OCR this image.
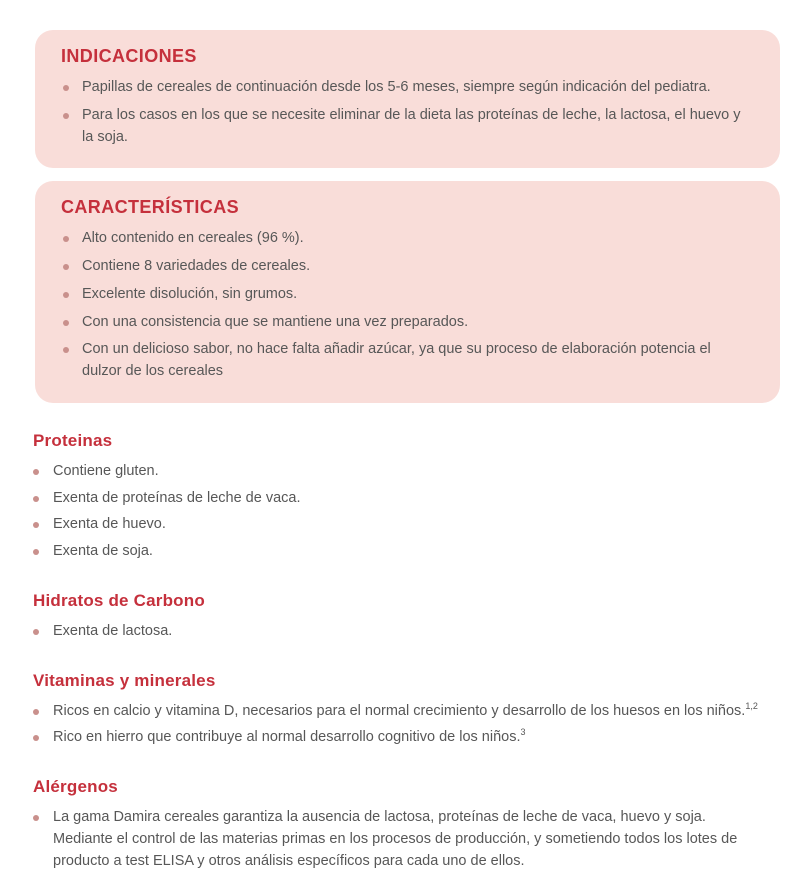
INDICACIONES
Papillas de cereales de continuación desde los 5-6 meses, siempre según indicación del pediatra.
Para los casos en los que se necesite eliminar de la dieta las proteínas de leche, la lactosa, el huevo y la soja.
CARACTERÍSTICAS
Alto contenido en cereales (96 %).
Contiene 8 variedades de cereales.
Excelente disolución, sin grumos.
Con una consistencia que se mantiene una vez preparados.
Con un delicioso sabor, no hace falta añadir azúcar, ya que su proceso de elaboración potencia el dulzor de los cereales
Proteinas
Contiene gluten.
Exenta de proteínas de leche de vaca.
Exenta de huevo.
Exenta de soja.
Hidratos de Carbono
Exenta de lactosa.
Vitaminas y minerales
Ricos en calcio y vitamina D, necesarios para el normal crecimiento y desarrollo de los huesos en los niños.$^{1,2}$
Rico en hierro que contribuye al normal desarrollo cognitivo de los niños.$^3$
Alérgenos
La gama Damira cereales garantiza la ausencia de lactosa, proteínas de leche de vaca, huevo y soja.
Mediante el control de las materias primas en los procesos de producción, y sometiendo todos los lotes de producto a test ELISA y otros análisis específicos para cada uno de ellos.
